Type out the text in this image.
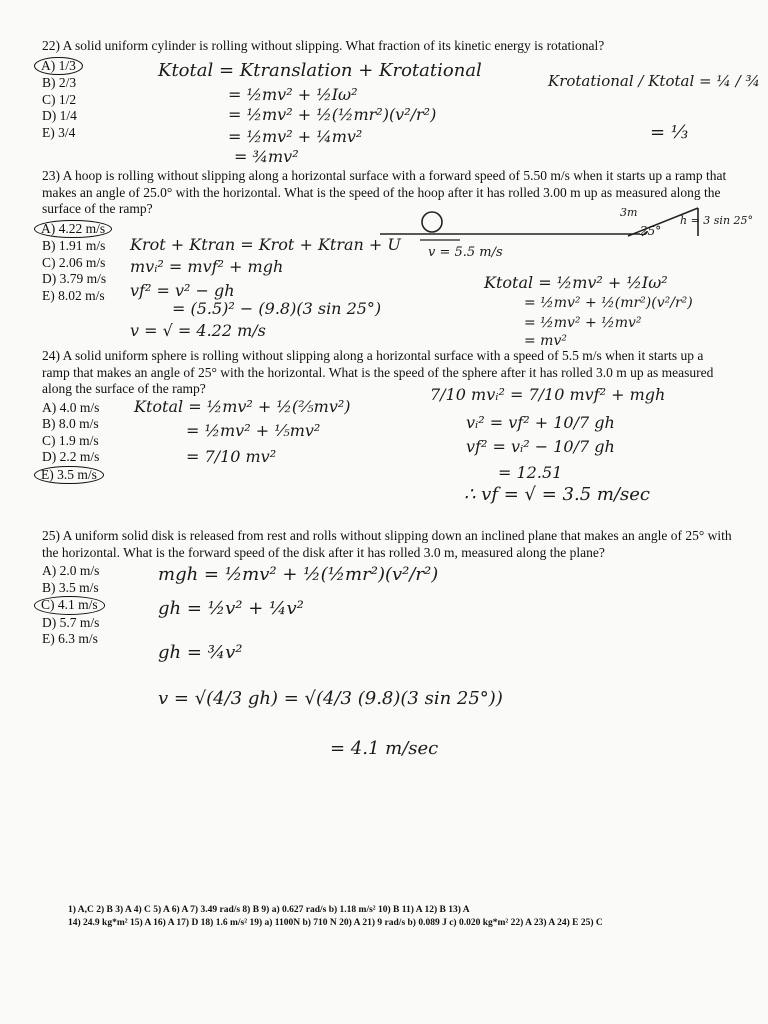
22) A solid uniform cylinder is rolling without slipping. What fraction of its kinetic energy is rotational?

A) 1/3
B) 2/3
C) 1/2
D) 1/4
E) 3/4
Ktotal = Ktranslation + Krotational
= ½mv² + ½Iω²
= ½mv² + ½(½mr²)(v²/r²)
= ½mv² + ¼mv²
= ¾mv²
Krotational / Ktotal = ¼ / ¾
= ⅓

23) A hoop is rolling without slipping along a horizontal surface with a forward speed of 5.50 m/s when it starts up a ramp that makes an angle of 25.0° with the horizontal. What is the speed of the hoop after it has rolled 3.00 m up as measured along the surface of the ramp?

A) 4.22 m/s
B) 1.91 m/s
C) 2.06 m/s
D) 3.79 m/s
E) 8.02 m/s
Krot + Ktran = Krot + Ktran + U
mvᵢ² = mvf² + mgh
vf² = v² − gh
= (5.5)² − (9.8)(3 sin 25°)
v = √ = 4.22 m/s
v = 5.5 m/s
3m
25°
h = 3 sin 25°
Ktotal = ½mv² + ½Iω²
= ½mv² + ½(mr²)(v²/r²)
= ½mv² + ½mv²
= mv²

24) A solid uniform sphere is rolling without slipping along a horizontal surface with a speed of 5.5 m/s when it starts up a ramp that makes an angle of 25° with the horizontal. What is the speed of the sphere after it has rolled 3.0 m up as measured along the surface of the ramp?

A) 4.0 m/s
B) 8.0 m/s
C) 1.9 m/s
D) 2.2 m/s
E) 3.5 m/s
Ktotal = ½mv² + ½(⅖mv²)
= ½mv² + ⅕mv²
= 7/10 mv²
7/10 mvᵢ² = 7/10 mvf² + mgh
vᵢ² = vf² + 10/7 gh
vf² = vᵢ² − 10/7 gh
= 12.51
∴ vf = √ = 3.5 m/sec

25) A uniform solid disk is released from rest and rolls without slipping down an inclined plane that makes an angle of 25° with the horizontal. What is the forward speed of the disk after it has rolled 3.0 m, measured along the plane?

A) 2.0 m/s
B) 3.5 m/s
C) 4.1 m/s
D) 5.7 m/s
E) 6.3 m/s
mgh = ½mv² + ½(½mr²)(v²/r²)
gh = ½v² + ¼v²
gh = ¾v²
v = √(4/3 gh) = √(4/3 (9.8)(3 sin 25°))
= 4.1 m/sec

1) A,C 2) B 3) A 4) C 5) A 6) A 7) 3.49 rad/s 8) B 9) a) 0.627 rad/s b) 1.18 m/s² 10) B 11) A 12) B 13) A

14) 24.9 kg*m² 15) A 16) A 17) D 18) 1.6 m/s² 19) a) 1100N b) 710 N 20) A 21) 9 rad/s b) 0.089 J c) 0.020 kg*m² 22) A 23) A 24) E 25) C
